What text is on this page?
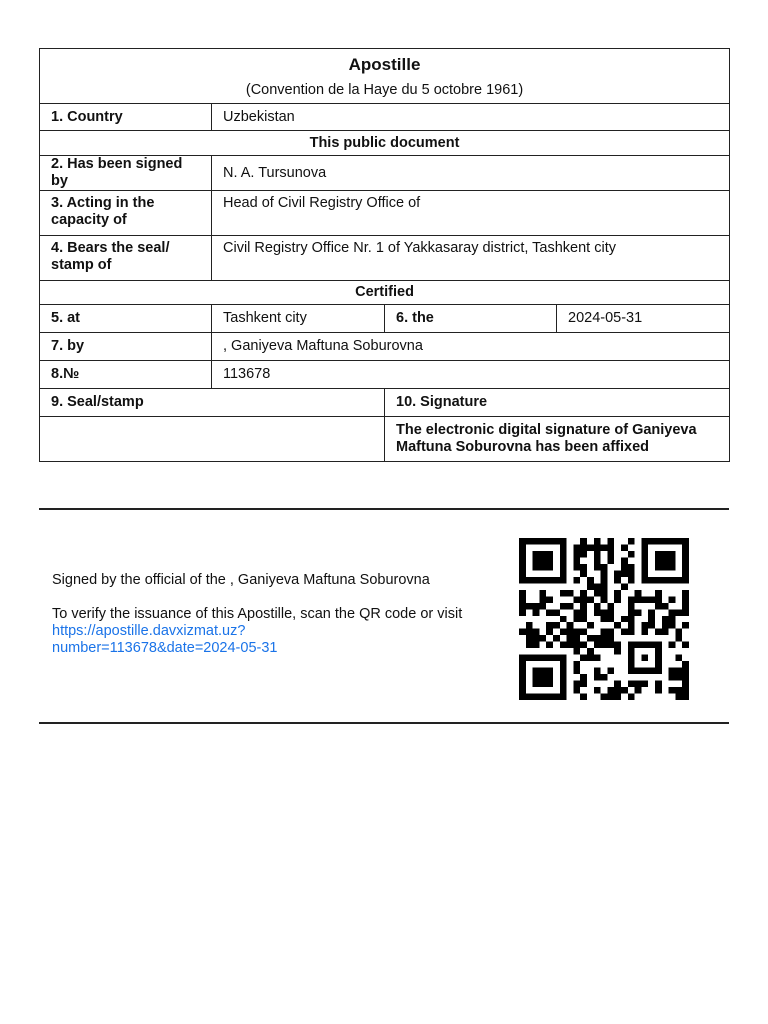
Apostille
(Convention de la Haye du 5 octobre 1961)			

1. Country	Uzbekistan		
This public document			
2. Has been signed by	N. A. Tursunova		
3. Acting in the capacity of	Head of Civil Registry Office of		
4. Bears the seal/ stamp of	Civil Registry Office Nr. 1 of Yakkasaray district, Tashkent city		
Certified			
5. at	Tashkent city	6. the	2024-05-31
7. by	, Ganiyeva Maftuna Soburovna		
8.№	113678		
9. Seal/stamp		10. Signature	
		The electronic digital signature of Ganiyeva Maftuna Soburovna has been affixed	

Signed by the official of the , Ganiyeva Maftuna Soburovna

To verify the issuance of this Apostille, scan the QR code or visit https://apostille.davxizmat.uz?
number=113678&date=2024-05-31
